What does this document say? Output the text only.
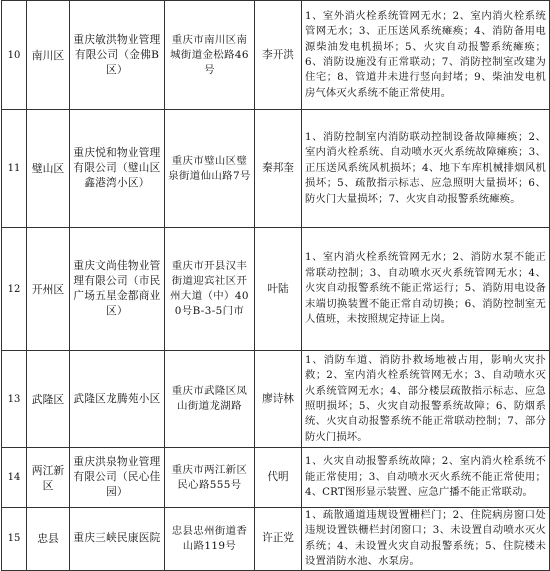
10	南川区	重庆敏洪物业管理有限公司（金佛B区）	重庆市南川区南城街道金松路46号	李开洪	1、室外消火栓系统管网无水；2、室内消火栓系统管网无水；3、正压送风系统瘫痪；4、消防备用电源柴油发电机损坏；5、火灾自动报警系统瘫痪；6、消防设施没有正常联动；7、消防控制室改建为住宅；8、管道井未进行竖向封堵；9、柴油发电机房气体灭火系统不能正常使用。
11	璧山区	重庆悦和物业管理有限公司（璧山区鑫港湾小区）	重庆市璧山区璧泉街道仙山路7号	秦邦奎	1、消防控制室内消防联动控制设备故障瘫痪；2、室内消火栓系统、自动喷水灭火系统故障瘫痪；3、正压送风系统风机损坏；4、地下车库机械排烟风机损坏；5、疏散指示标志、应急照明大量损坏；6、防火门大量损坏；7、火灾自动报警系统瘫痪。
12	开州区	重庆文尚佳物业管理有限公司（市民广场五星金都商业区）	重庆市开县汉丰街道迎宾社区开州大道（中）400号B-3-5门市	叶陆	1、室内消火栓系统管网无水；2、消防水泵不能正常联动控制；3、自动喷水灭火系统管网无水；4、火灾自动报警系统不能正常运行；5、消防用电设备末端切换装置不能正常自动切换；6、消防控制室无人值班，未按照规定持证上岗。
13	武隆区	武隆区龙腾苑小区	重庆市武隆区凤山街道龙湖路	廖诗林	1、消防车道、消防扑救场地被占用，影响火灾扑救；2、室内消火栓系统管网无水；3、自动喷水灭火系统管网无水；4、部分楼层疏散指示标志、应急照明损坏；5、火灾自动报警系统故障；6、防烟系统、火灾自动报警系统不能正常联动控制；7、部分防火门损坏。
14	两江新区	重庆洪泉物业管理有限公司（民心佳园）	重庆市两江新区民心路555号	代明	1、火灾自动报警系统故障；2、室内消火栓系统不能正常使用；3、自动喷水灭火系统不能正常使用；4、CRT图形显示装置、应急广播不能正常联动。
15	忠县	重庆三峡民康医院	忠县忠州街道香山路119号	许正党	1、疏散通道违规设置栅栏门；2、住院病房窗口处违规设置铁栅栏封闭窗口；3、未设置自动喷水灭火系统；4、未设置火灾自动报警系统；5、住院楼未设置消防水池、水泵房。
